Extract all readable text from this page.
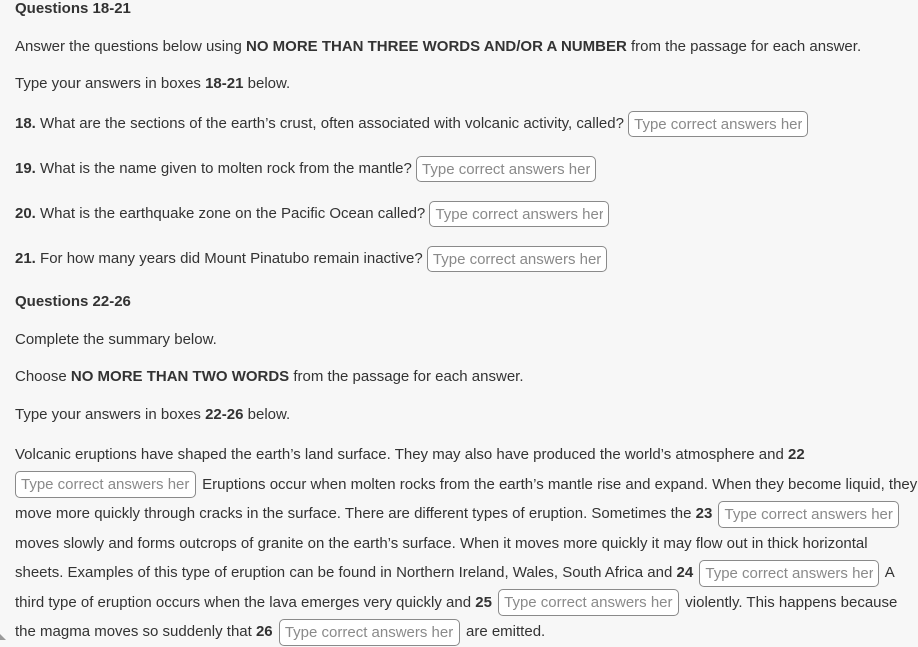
Questions 18-21

Answer the questions below using NO MORE THAN THREE WORDS AND/OR A NUMBER from the passage for each answer.

Type your answers in boxes 18-21 below.

18. What are the sections of the earth’s crust, often associated with volcanic activity, called? Type correct answers here
19. What is the name given to molten rock from the mantle? Type correct answers here
20. What is the earthquake zone on the Pacific Ocean called? Type correct answers here
21. For how many years did Mount Pinatubo remain inactive? Type correct answers here
Questions 22-26

Complete the summary below.

Choose NO MORE THAN TWO WORDS from the passage for each answer.

Type your answers in boxes 22-26 below.

Volcanic eruptions have shaped the earth’s land surface. They may also have produced the world’s atmosphere and 22
Type correct answers here Eruptions occur when molten rocks from the earth’s mantle rise and expand. When they become liquid, they move more quickly through cracks in the surface. There are different types of eruption. Sometimes the 23 Type correct answers here moves slowly and forms outcrops of granite on the earth’s surface. When it moves more quickly it may flow out in thick horizontal sheets. Examples of this type of eruption can be found in Northern Ireland, Wales, South Africa and 24 Type correct answers here	A third type of eruption occurs when the lava emerges very quickly and 25 Type correct answers here	violently. This happens because the magma moves so suddenly that 26 Type correct answers here	are emitted.
